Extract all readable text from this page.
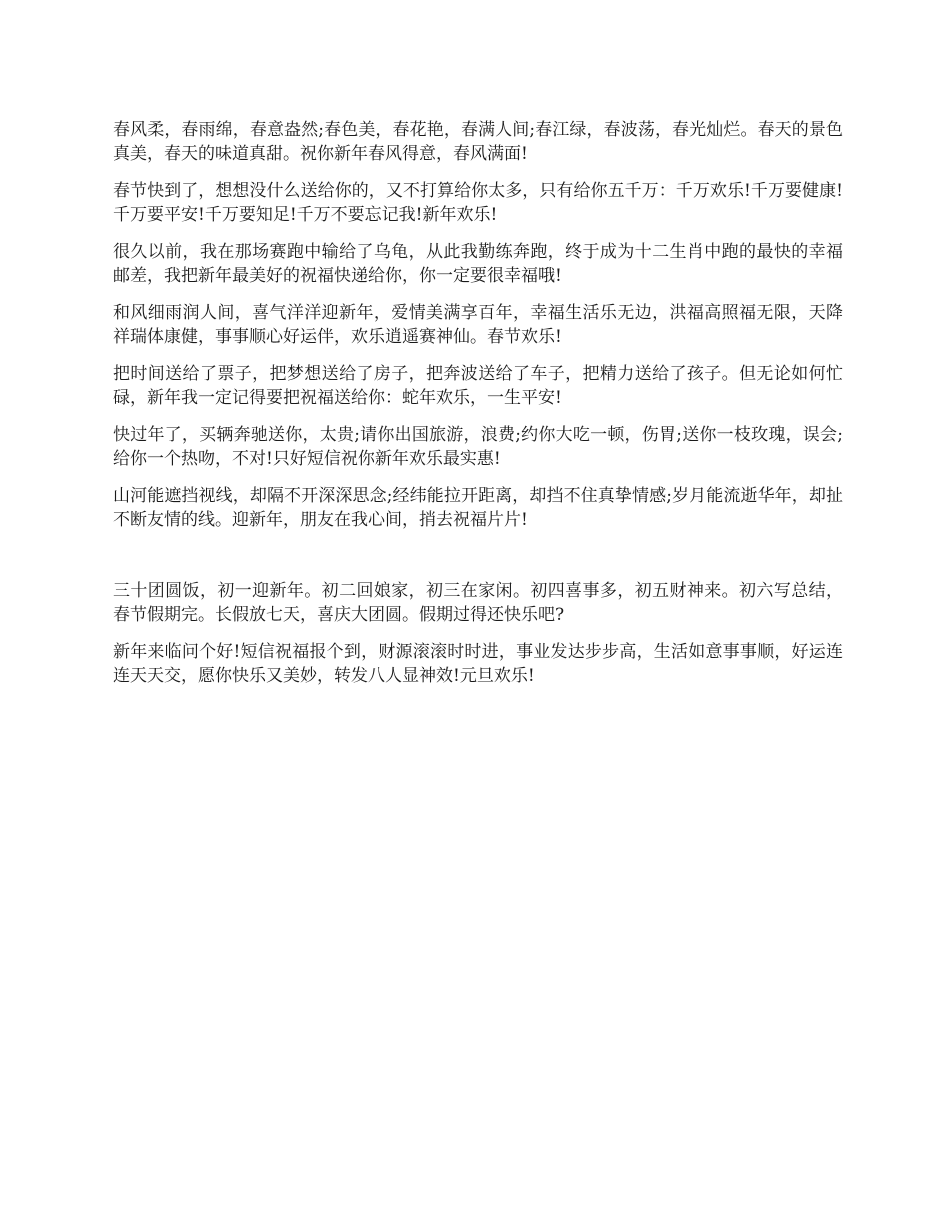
春风柔，春雨绵，春意盎然;春色美，春花艳，春满人间;春江绿，春波荡，春光灿烂。春天的景色真美，春天的味道真甜。祝你新年春风得意，春风满面!

春节快到了，想想没什么送给你的，又不打算给你太多，只有给你五千万：千万欢乐!千万要健康!千万要平安!千万要知足!千万不要忘记我!新年欢乐!

很久以前，我在那场赛跑中输给了乌龟，从此我勤练奔跑，终于成为十二生肖中跑的最快的幸福邮差，我把新年最美好的祝福快递给你，你一定要很幸福哦!

和风细雨润人间，喜气洋洋迎新年，爱情美满享百年，幸福生活乐无边，洪福高照福无限，天降祥瑞体康健，事事顺心好运伴，欢乐逍遥赛神仙。春节欢乐!

把时间送给了票子，把梦想送给了房子，把奔波送给了车子，把精力送给了孩子。但无论如何忙碌，新年我一定记得要把祝福送给你：蛇年欢乐，一生平安!

快过年了，买辆奔驰送你，太贵;请你出国旅游，浪费;约你大吃一顿，伤胃;送你一枝玫瑰，误会;给你一个热吻，不对!只好短信祝你新年欢乐最实惠!

山河能遮挡视线，却隔不开深深思念;经纬能拉开距离，却挡不住真挚情感;岁月能流逝华年，却扯不断友情的线。迎新年，朋友在我心间，捎去祝福片片!

三十团圆饭，初一迎新年。初二回娘家，初三在家闲。初四喜事多，初五财神来。初六写总结，春节假期完。长假放七天，喜庆大团圆。假期过得还快乐吧?

新年来临问个好!短信祝福报个到，财源滚滚时时进，事业发达步步高，生活如意事事顺，好运连连天天交，愿你快乐又美妙，转发八人显神效!元旦欢乐!
